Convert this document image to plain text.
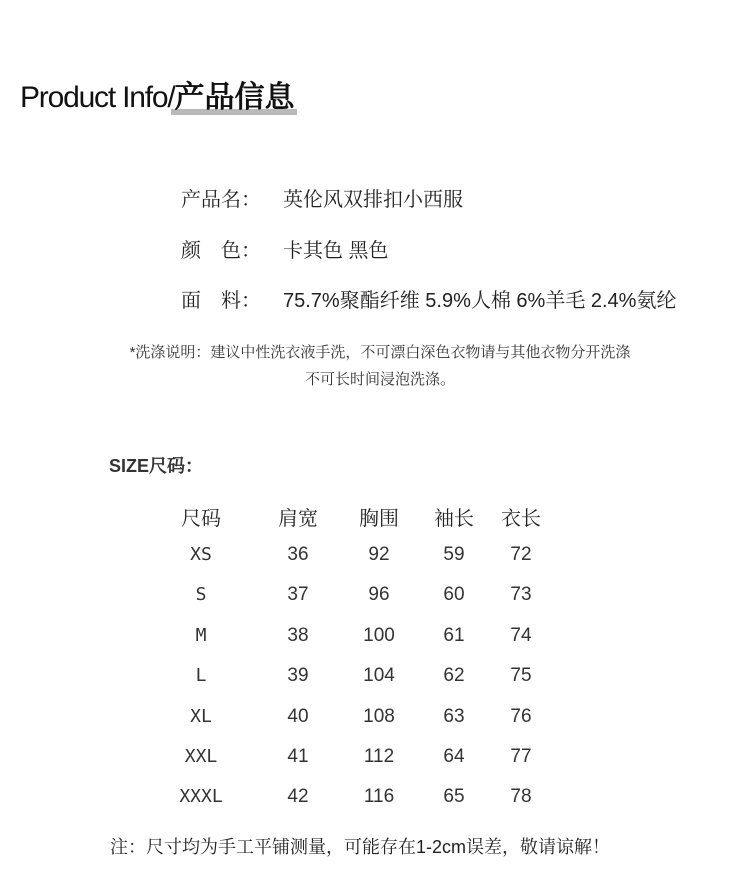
Product Info/产品信息
产品名： 英伦风双排扣小西服
颜　色： 卡其色 黑色
面　料： 75.7%聚酯纤维 5.9%人棉 6%羊毛 2.4%氨纶
*洗涤说明：建议中性洗衣液手洗，不可漂白深色衣物请与其他衣物分开洗涤
不可长时间浸泡洗涤。
SIZE尺码：
尺码	肩宽	胸围	袖长	衣长
XS	36	92	59	72
S	37	96	60	73
M	38	100	61	74
L	39	104	62	75
XL	40	108	63	76
XXL	41	112	64	77
XXXL	42	116	65	78
注：尺寸均为手工平铺测量，可能存在1-2cm误差，敬请谅解！
